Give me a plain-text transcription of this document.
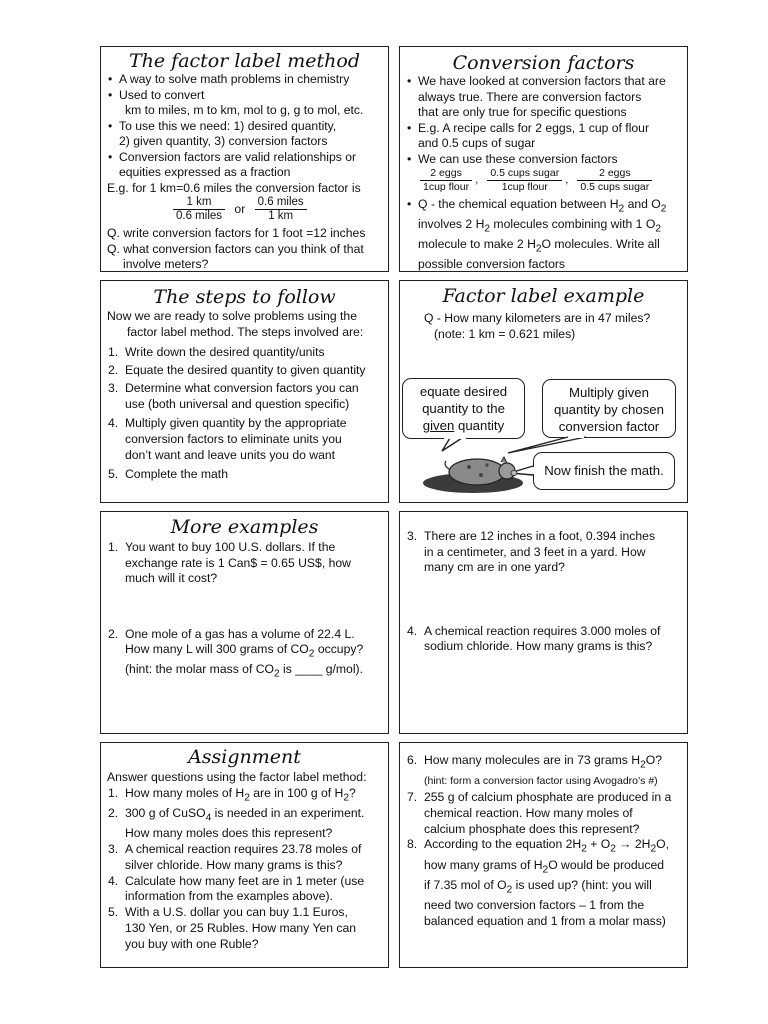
The factor label method
• A way to solve math problems in chemistry
• Used to convert
km to miles, m to km, mol to g, g to mol, etc.
• To use this we need: 1) desired quantity,
2) given quantity, 3) conversion factors
• Conversion factors are valid relationships or
equities expressed as a fraction
E.g. for 1 km=0.6 miles the conversion factor is
$\frac{1 km}{\text{0.6 miles}}$ or $\frac{\text{0.6 miles}}{1 km}$
Q. write conversion factors for 1 foot =12 inches
Q. what conversion factors can you think of that
involve meters?
Conversion factors
• We have looked at conversion factors that are
always true. There are conversion factors
that are only true for specific questions
• E.g. A recipe calls for 2 eggs, 1 cup of flour
and 0.5 cups of sugar
• We can use these conversion factors
$\frac{\text{2 eggs}}{\text{1cup flour}}$ , $\frac{\text{0.5 cups sugar}}{\text{1cup flour}}$ , $\frac{\text{2 eggs}}{\text{0.5 cups sugar}}$
• Q - the chemical equation between $H_2$ and $O_2$
involves 2 $H_2$ molecules combining with 1 $O_2$
molecule to make 2 $H_2O$ molecules. Write all
possible conversion factors
The steps to follow
Now we are ready to solve problems using the
factor label method. The steps involved are:
1. Write down the desired quantity/units
2. Equate the desired quantity to given quantity
3. Determine what conversion factors you can
use (both universal and question specific)
4. Multiply given quantity by the appropriate
conversion factors to eliminate units you
don’t want and leave units you do want
5. Complete the math
Factor label example
Q - How many kilometers are in 47 miles?
(note: 1 km = 0.621 miles)
equate desired
quantity to the
given quantity
Multiply given
quantity by chosen
conversion factor
Now finish the math.
More examples
1. You want to buy 100 U.S. dollars. If the
exchange rate is 1 Can$ = 0.65 US$, how
much will it cost?
2. One mole of a gas has a volume of 22.4 L.
How many L will 300 grams of $CO_2$ occupy?
(hint: the molar mass of $CO_2$ is ____ g/mol).
3. There are 12 inches in a foot, 0.394 inches
in a centimeter, and 3 feet in a yard. How
many cm are in one yard?
4. A chemical reaction requires 3.000 moles of
sodium chloride. How many grams is this?
Assignment
Answer questions using the factor label method:
1. How many moles of $H_2$ are in 100 g of $H_2$?
2. 300 g of CuSO$_4$ is needed in an experiment.
How many moles does this represent?
3. A chemical reaction requires 23.78 moles of
silver chloride. How many grams is this?
4. Calculate how many feet are in 1 meter (use
information from the examples above).
5. With a U.S. dollar you can buy 1.1 Euros,
130 Yen, or 25 Rubles. How many Yen can
you buy with one Ruble?
6. How many molecules are in 73 grams $H_2O$?
(hint: form a conversion factor using Avogadro’s #)
7. 255 g of calcium phosphate are produced in a
chemical reaction. How many moles of
calcium phosphate does this represent?
8. According to the equation $2H_2 + O_2 \to 2H_2O$,
how many grams of $H_2O$ would be produced
if 7.35 mol of $O_2$ is used up? (hint: you will
need two conversion factors – 1 from the
balanced equation and 1 from a molar mass)
